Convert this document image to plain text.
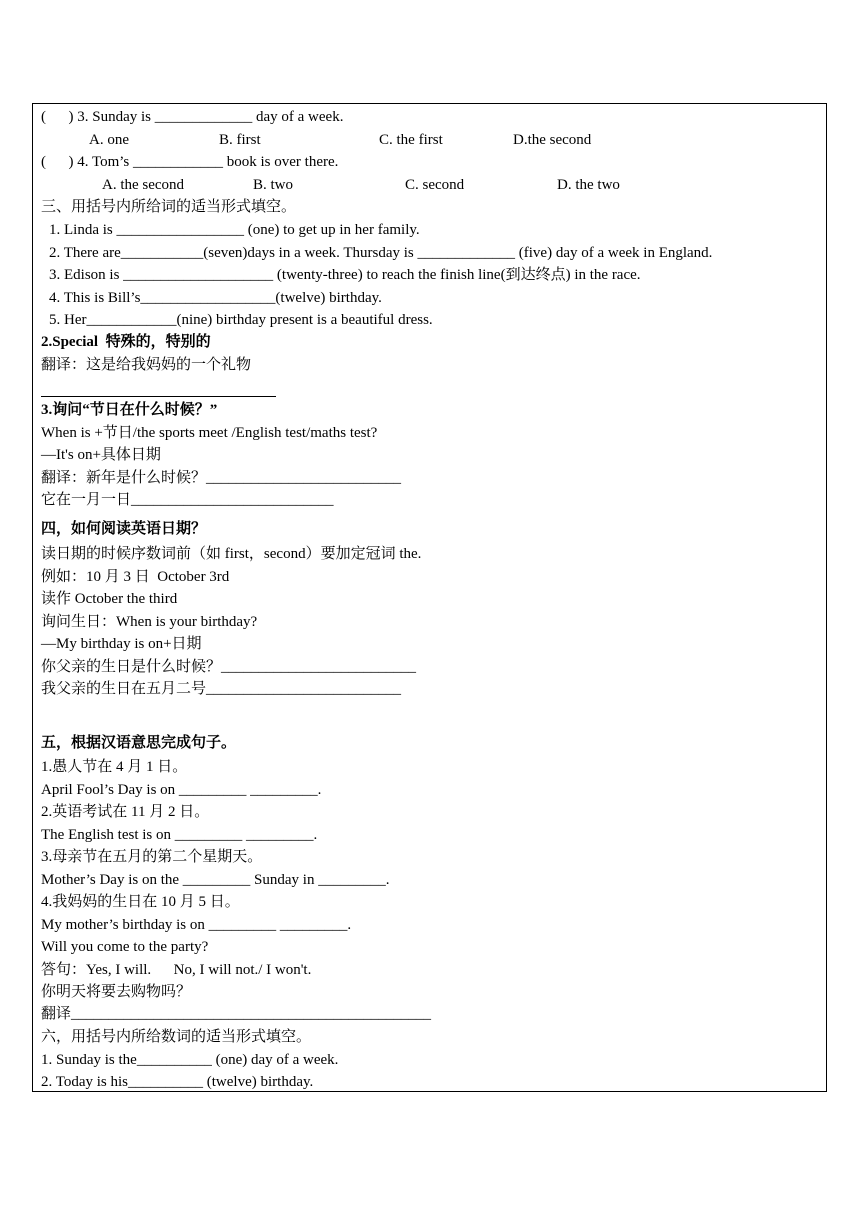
(      ) 3. Sunday is _____________ day of a week.
A. one	B. first	C. the first	D.the second
(      ) 4. Tom’s ____________ book is over there.
A. the second	B. two	C. second	D. the two
三、用括号内所给词的适当形式填空。
1. Linda is _________________ (one) to get up in her family.
2. There are___________(seven)days in a week. Thursday is _____________ (five) day of a week in England.
3. Edison is ____________________ (twenty-three) to reach the finish line(到达终点) in the race.
4. This is Bill’s__________________(twelve) birthday.
5. Her____________(nine) birthday present is a beautiful dress.
2.Special  特殊的，特别的
翻译：这是给我妈妈的一个礼物
3.询问“节日在什么时候？”
When is +节日/the sports meet /English test/maths test?
—It's on+具体日期
翻译：新年是什么时候？__________________________
它在一月一日___________________________
四，如何阅读英语日期？
读日期的时候序数词前（如 first，second）要加定冠词 the.
例如：10 月 3 日  October 3rd
读作 October the third
询问生日：When is your birthday?
—My birthday is on+日期
你父亲的生日是什么时候？__________________________
我父亲的生日在五月二号__________________________
五，根据汉语意思完成句子。
1.愚人节在 4 月 1 日。
April Fool’s Day is on _________ _________.
2.英语考试在 11 月 2 日。
The English test is on _________ _________.
3.母亲节在五月的第二个星期天。
Mother’s Day is on the _________ Sunday in _________.
4.我妈妈的生日在 10 月 5 日。
My mother’s birthday is on _________ _________.
Will you come to the party?
答句：Yes, I will.      No, I will not./ I won't.
你明天将要去购物吗？
翻译________________________________________________
六，用括号内所给数词的适当形式填空。
1. Sunday is the__________ (one) day of a week.
2. Today is his__________ (twelve) birthday.
